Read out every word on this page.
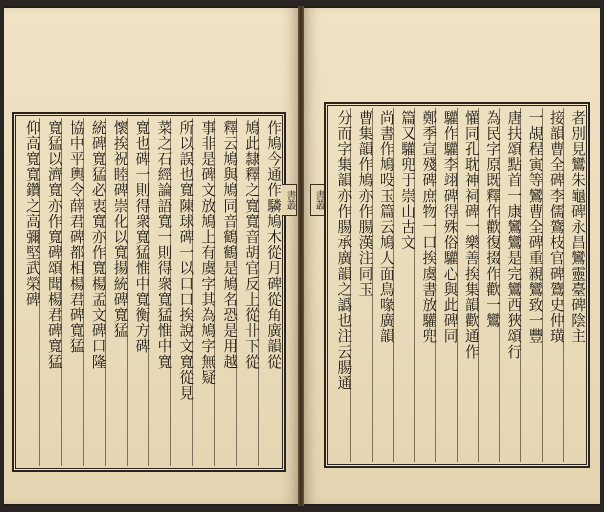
作鳩今通作驎鳩木從月碑從角廣韻從
鳩此隸釋之寬寬音胡官反上從卝下從
釋云鳩與鳩同音鶴鶴是鳩名恐是用越
事非是碑文放鳩上有虞字其為鳩字無疑
所以誤也寬陳球碑一以口口挨說文寬從見
菜之石經論語寬一則得衆寬猛惟中寬
寬也碑一則得衆寬猛惟中寬衡方碑
懷挨祝睦碑崇化以寬揚統碑寬猛
統碑寬猛必衷寬亦作寬楊孟文碑口隆
協中平輿令薛君碑都相楊君碑寬猛
寬猛以濟寬亦作寬碑頌聞楊君碑寬猛
仰高寬寬鑽之高彌堅武榮碑	書叢	書叢	者別見鸞朱龜碑永昌鸞靈臺碑陰主
接韻曹全碑李儒鷟枝官碑鷟史仲璜
一覘程寅等鸞曹全碑重親鸞致一豐
唐扶頌點首一康鸞鸞是完鸞西狹頌行
為民字原既釋作歡復掇作歡一鸞
懽同孔耽神祠碑一樂善挨集韻歡通作
驩作驩李翊碑得殊俗驩心與此碑同
鄭季宣殘碑庶物一口挨虞書放驩兜
篇又驩兜于崇山古文
尚書作鳩吺玉篇云鳩人面鳥喙廣韻
曹集韻作鳩亦作腸漢注同玉
分而字集韻亦作腸承廣韻之譌也注云腸通
